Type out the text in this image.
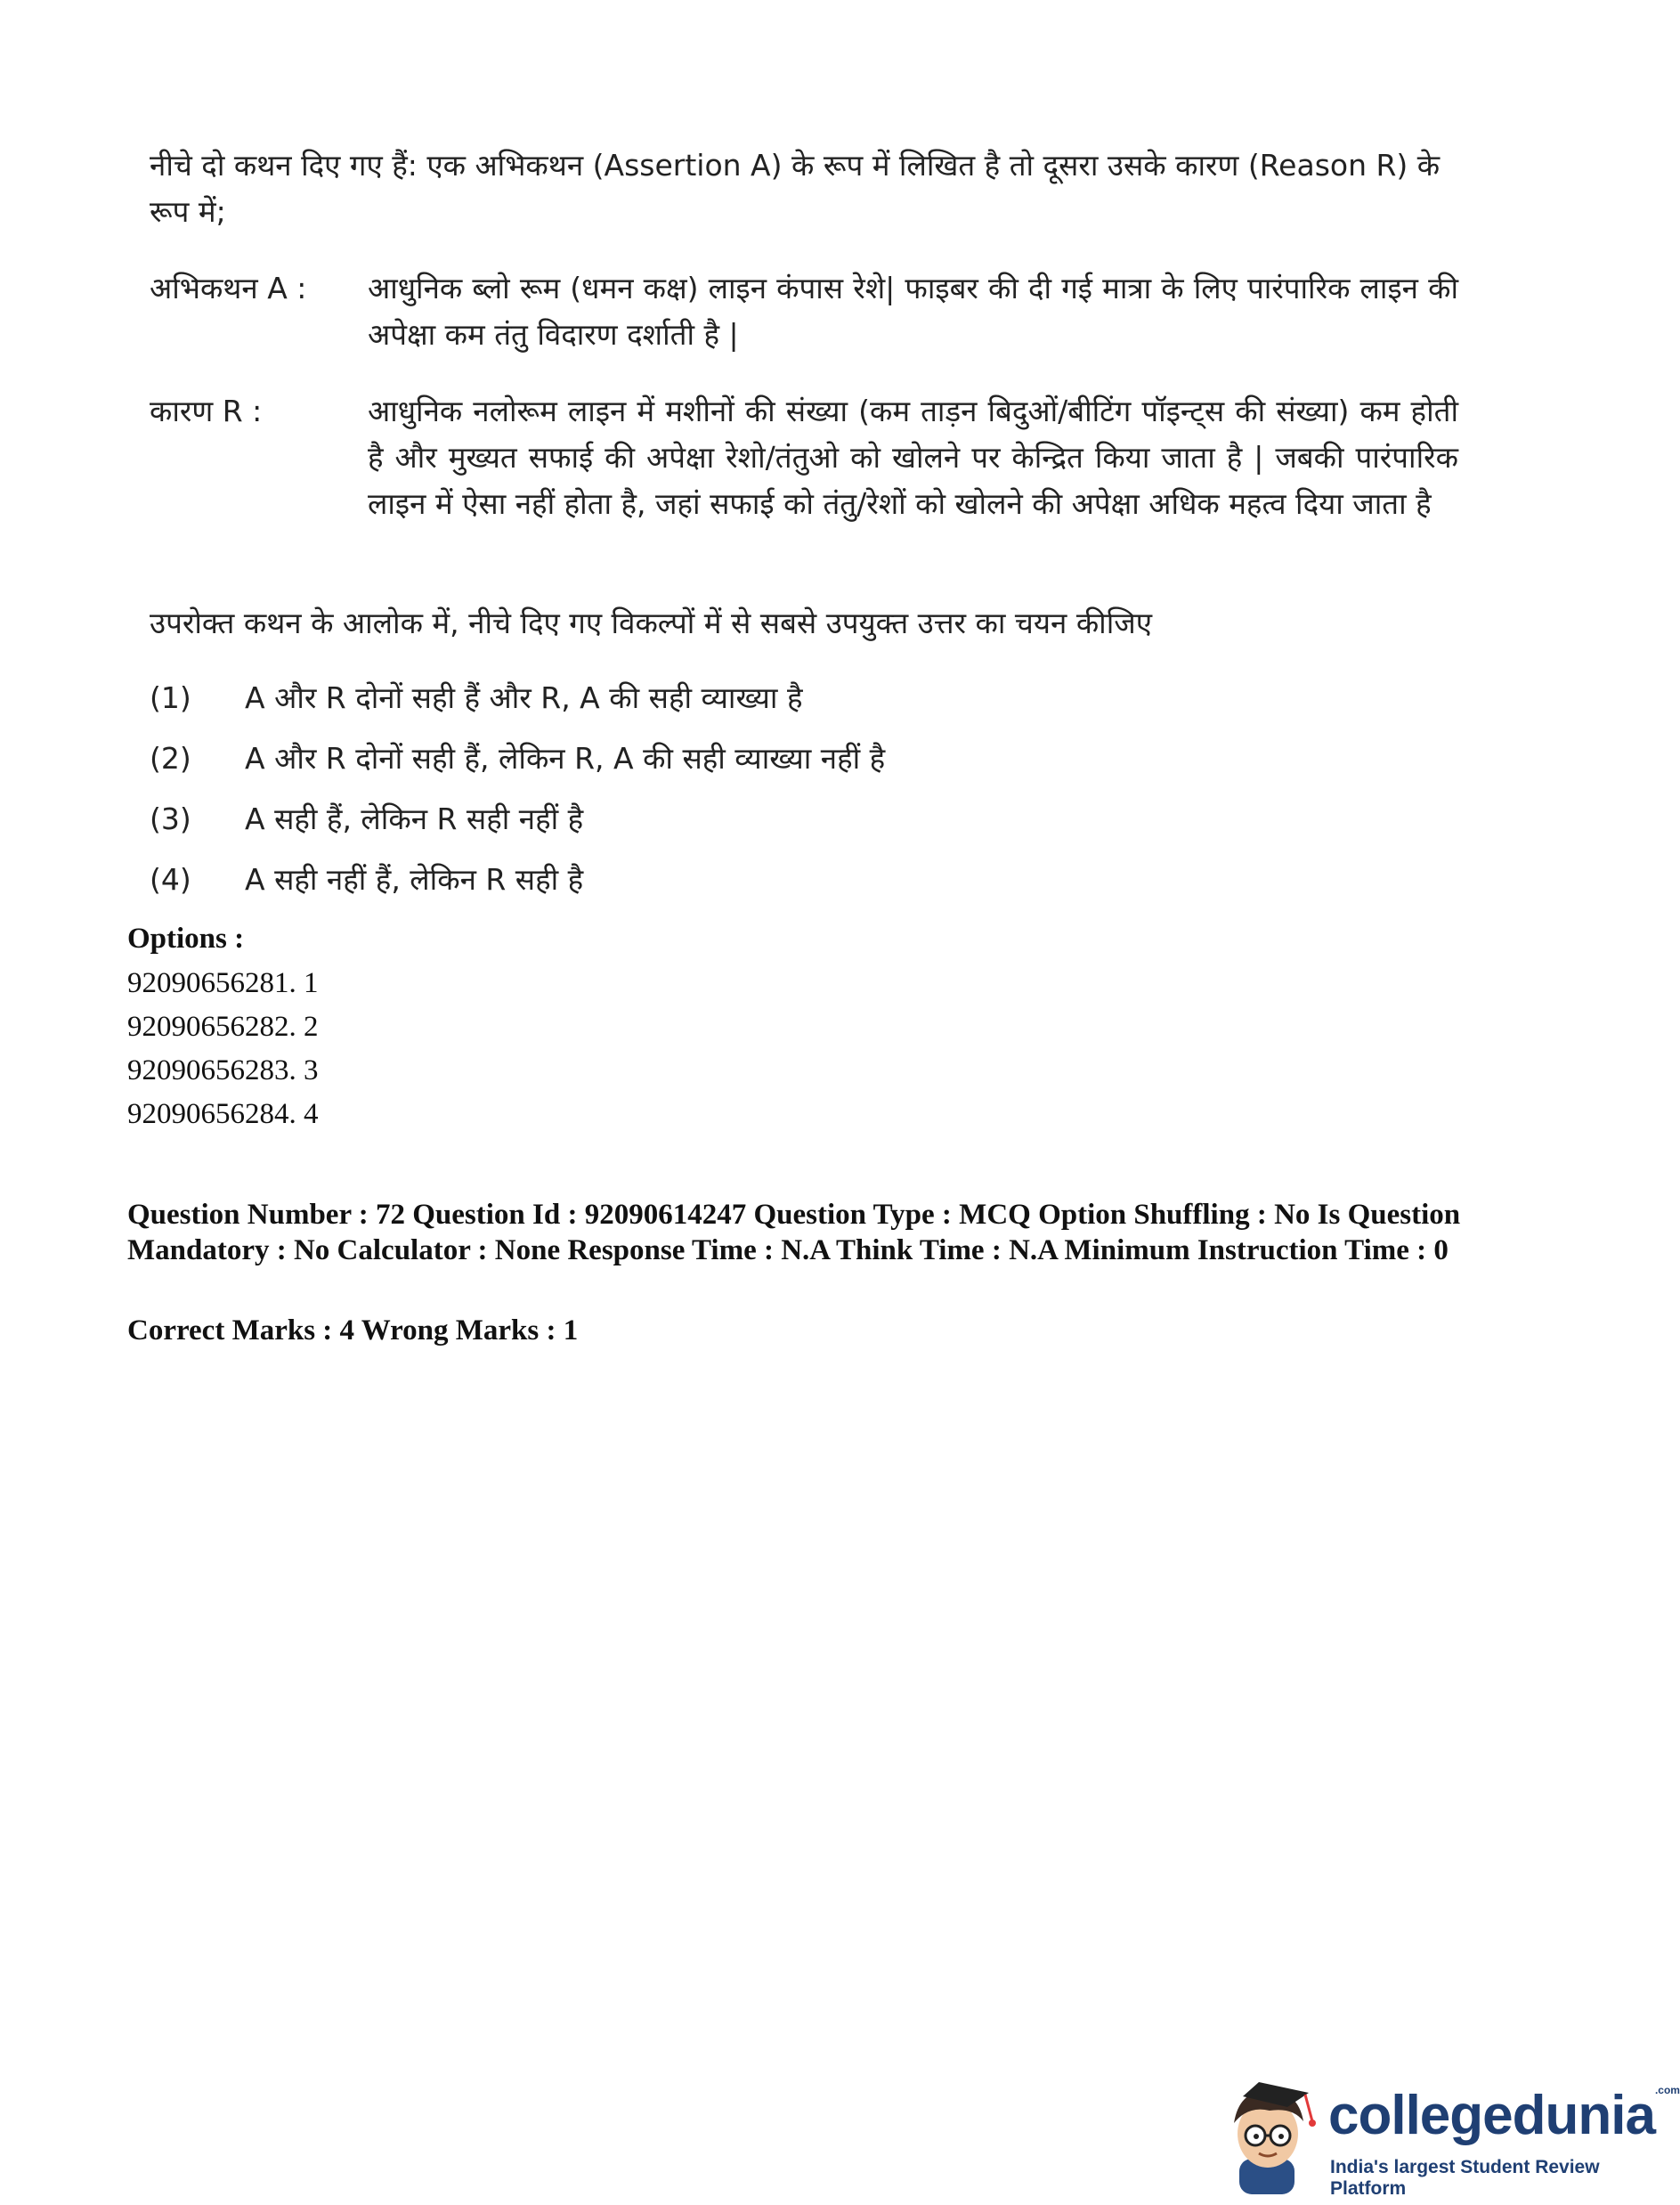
नीचे दो कथन दिए गए हैं: एक अभिकथन (Assertion A) के रूप में लिखित है तो दूसरा उसके कारण (Reason R) के रूप में;

अभिकथन A :	आधुनिक ब्लो रूम (धमन कक्ष) लाइन कंपास रेशे| फाइबर की दी गई मात्रा के लिए पारंपारिक लाइन की अपेक्षा कम तंतु विदारण दर्शाती है |
कारण R :	आधुनिक नलोरूम लाइन में मशीनों की संख्या (कम ताड़न बिदुओं/बीटिंग पॉइन्ट्स की संख्या) कम होती है और मुख्यत सफाई की अपेक्षा रेशो/तंतुओ को खोलने पर केन्द्रित किया जाता है | जबकी पारंपारिक लाइन में ऐसा नहीं होता है, जहां सफाई को तंतु/रेशों को खोलने की अपेक्षा अधिक महत्व दिया जाता है

उपरोक्त कथन के आलोक में, नीचे दिए गए विकल्पों में से सबसे उपयुक्त उत्तर का चयन कीजिए

(1)	A और R दोनों सही हैं और R, A की सही व्याख्या है
(2)	A और R दोनों सही हैं, लेकिन R, A की सही व्याख्या नहीं है
(3)	A सही हैं, लेकिन R सही नहीं है
(4)	A सही नहीं हैं, लेकिन R सही है
Options :
92090656281. 1
92090656282. 2
92090656283. 3
92090656284. 4
Question Number : 72 Question Id : 92090614247 Question Type : MCQ Option Shuffling : No Is Question Mandatory : No Calculator : None Response Time : N.A Think Time : N.A Minimum Instruction Time : 0
Correct Marks : 4 Wrong Marks : 1
collegedunia$^{.com}$
India's largest Student Review Platform
